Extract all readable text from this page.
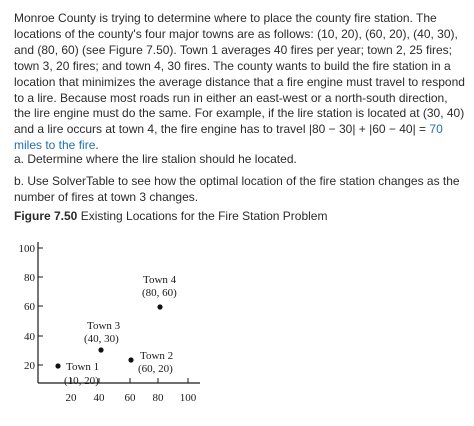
Monroe County is trying to determine where to place the county fire station. The locations of the county's four major towns are as follows: (10, 20), (60, 20), (40, 30), and (80, 60) (see Figure 7.50). Town 1 averages 40 fires per year; town 2, 25 fires; town 3, 20 fires; and town 4, 30 fires. The county wants to build the fire station in a location that minimizes the average distance that a fire engine must travel to respond to a lire. Because most roads run in either an east-west or a north-south direction, the lire engine must do the same. For example, if the lire station is located at (30, 40) and a lire occurs at town 4, the fire engine has to travel |80 − 30| + |60 − 40| = 70 miles to the fire.

a. Determine where the lire stalion should he located.

b. Use SolverTable to see how the optimal location of the fire station changes as the number of fires at town 3 changes.

Figure 7.50 Existing Locations for the Fire Station Problem

100
80
60
40
20
20 40 60 80 100
Town 1
(10, 20)
Town 2
(60, 20)
Town 3
(40, 30)
Town 4
(80, 60)
